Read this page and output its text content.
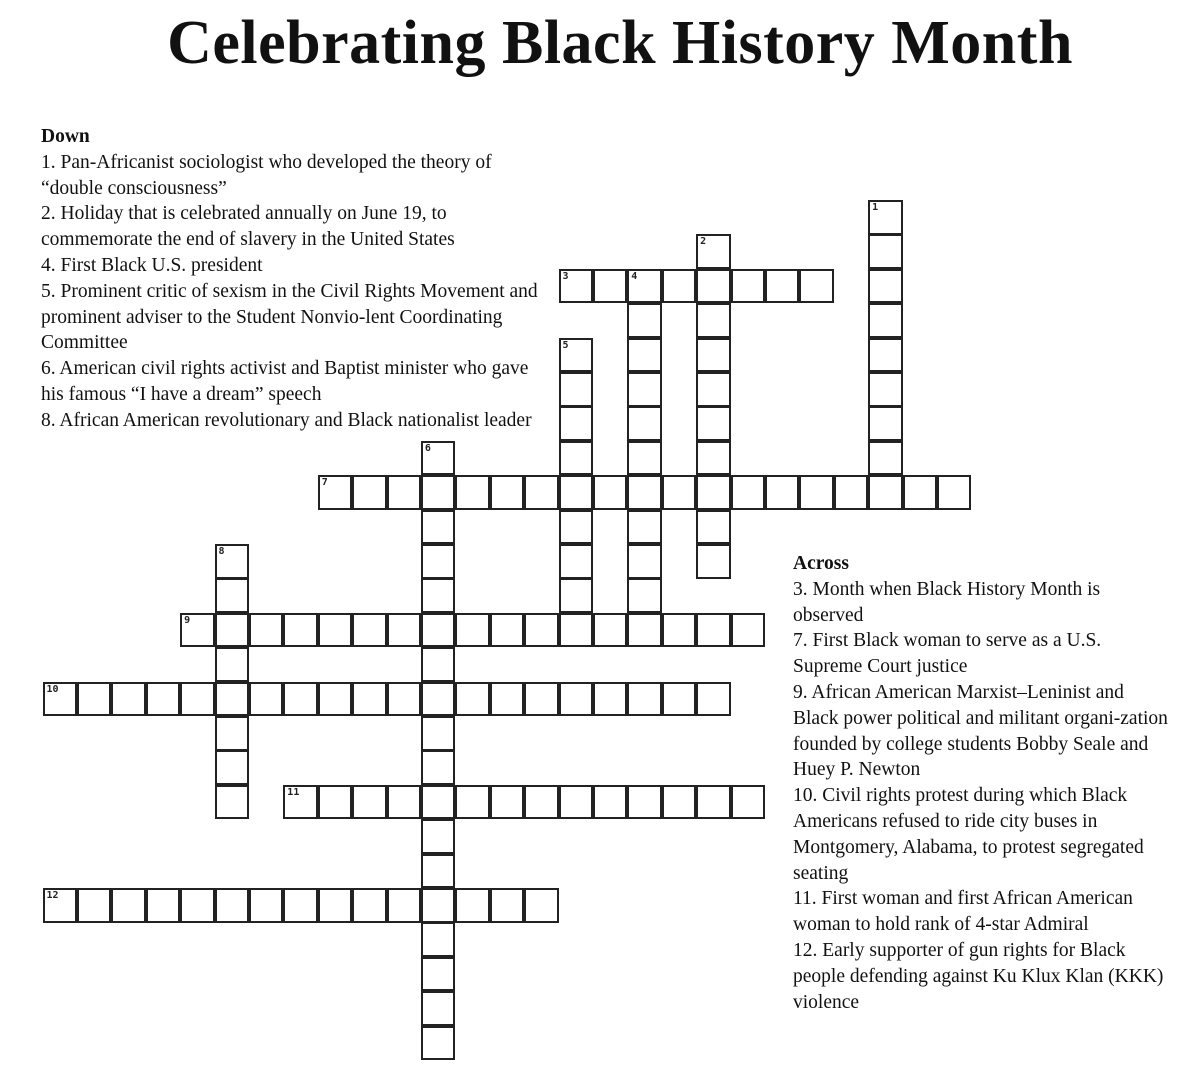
Celebrating Black History Month
Down

1. Pan-Africanist sociologist who developed the theory of “double consciousness”

2. Holiday that is celebrated annually on June 19, to commemorate the end of slavery in the United States

4. First Black U.S. president

5. Prominent critic of sexism in the Civil Rights Movement and prominent adviser to the Student Nonvio-lent Coordinating Committee

6. American civil rights activist and Baptist minister who gave his famous “I have a dream” speech

8. African American revolutionary and Black nationalist leader

Across

3. Month when Black History Month is observed

7. First Black woman to serve as a U.S. Supreme Court justice

9. African American Marxist–Leninist and Black power political and militant organi-zation founded by college students Bobby Seale and Huey P. Newton

10. Civil rights protest during which Black Americans refused to ride city buses in Montgomery, Alabama, to protest segregated seating

11. First woman and first African American woman to hold rank of 4-star Admiral

12. Early supporter of gun rights for Black people defending against Ku Klux Klan (KKK) violence

1
2
3	4
5
6
7
8
9
10
11
12
